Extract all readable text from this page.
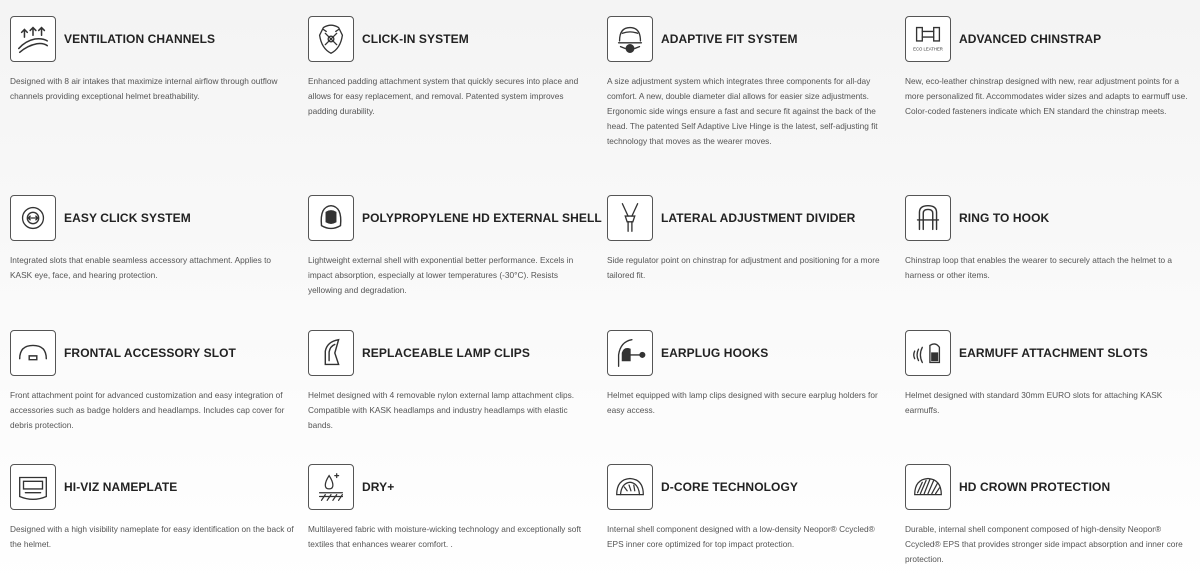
VENTILATION CHANNELS
Designed with 8 air intakes that maximize internal airflow through outflow channels providing exceptional helmet breathability.
CLICK-IN SYSTEM
Enhanced padding attachment system that quickly secures into place and allows for easy replacement, and removal. Patented system improves padding durability.
ADAPTIVE FIT SYSTEM
A size adjustment system which integrates three components for all-day comfort. A new, double diameter dial allows for easier size adjustments. Ergonomic side wings ensure a fast and secure fit against the back of the head. The patented Self Adaptive Live Hinge is the latest, self-adjusting fit technology that moves as the wearer moves.
ECO LEATHER
ADVANCED CHINSTRAP
New, eco-leather chinstrap designed with new, rear adjustment points for a more personalized fit. Accommodates wider sizes and adapts to earmuff use. Color-coded fasteners indicate which EN standard the chinstrap meets.
EASY CLICK SYSTEM
Integrated slots that enable seamless accessory attachment. Applies to KASK eye, face, and hearing protection.
POLYPROPYLENE HD EXTERNAL SHELL
Lightweight external shell with exponential better performance. Excels in impact absorption, especially at lower temperatures (-30°C). Resists yellowing and degradation.
LATERAL ADJUSTMENT DIVIDER
Side regulator point on chinstrap for adjustment and positioning for a more tailored fit.
RING TO HOOK
Chinstrap loop that enables the wearer to securely attach the helmet to a harness or other items.
FRONTAL ACCESSORY SLOT
Front attachment point for advanced customization and easy integration of accessories such as badge holders and headlamps. Includes cap cover for debris protection.
REPLACEABLE LAMP CLIPS
Helmet designed with 4 removable nylon external lamp attachment clips. Compatible with KASK headlamps and industry headlamps with elastic bands.
EARPLUG HOOKS
Helmet equipped with lamp clips designed with secure earplug holders for easy access.
EARMUFF ATTACHMENT SLOTS
Helmet designed with standard 30mm EURO slots for attaching KASK earmuffs.
HI-VIZ NAMEPLATE
Designed with a high visibility nameplate for easy identification on the back of the helmet.
DRY+
Multilayered fabric with moisture-wicking technology and exceptionally soft textiles that enhances wearer comfort. .
D-CORE TECHNOLOGY
Internal shell component designed with a low-density Neopor® Ccycled® EPS inner core optimized for top impact protection.
HD CROWN PROTECTION
Durable, internal shell component composed of high-density Neopor® Ccycled® EPS that provides stronger side impact absorption and inner core protection.
